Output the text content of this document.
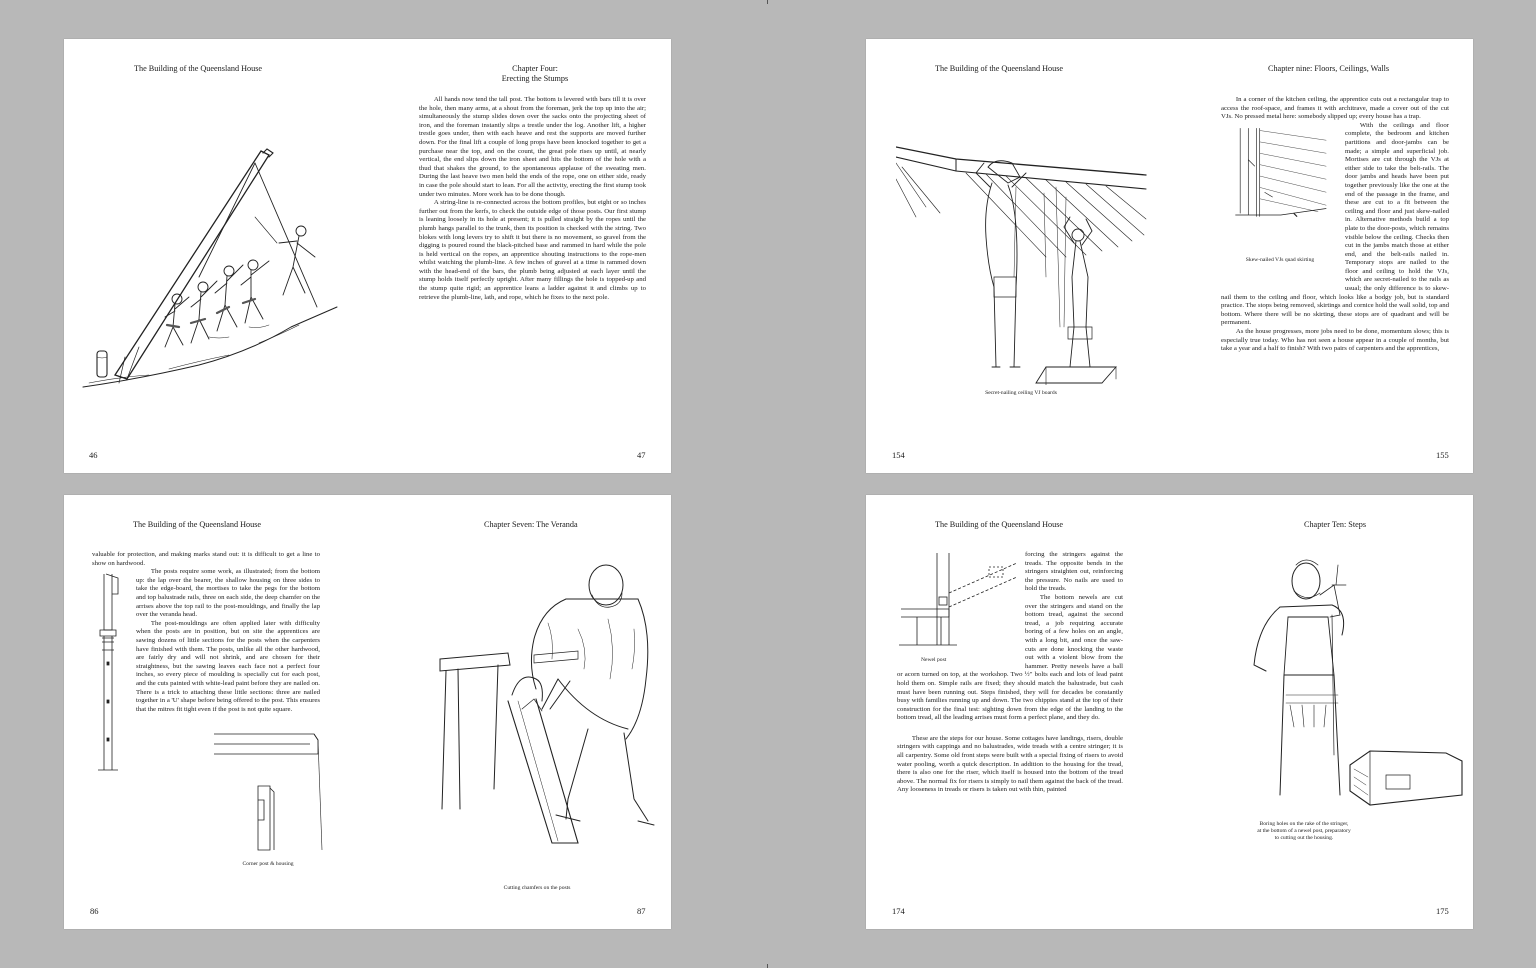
The Building of the Queensland House	Chapter Four:
Erecting the Stumps

All hands now tend the tall post. The bottom is levered with bars till it is over the hole, then many arms, at a shout from the foreman, jerk the top up into the air; simultaneously the stump slides down over the sacks onto the projecting sheet of iron, and the foreman instantly slips a trestle under the log. Another lift, a higher trestle goes under, then with each heave and rest the supports are moved further down. For the final lift a couple of long props have been knocked together to get a purchase near the top, and on the count, the great pole rises up until, at nearly vertical, the end slips down the iron sheet and hits the bottom of the hole with a thud that shakes the ground, to the spontaneous applause of the sweating men. During the last heave two men held the ends of the rope, one on either side, ready in case the pole should start to lean. For all the activity, erecting the first stump took under two minutes. More work has to be done though.

A string-line is re-connected across the bottom profiles, but eight or so inches further out from the kerfs, to check the outside edge of those posts. Our first stump is leaning loosely in its hole at present; it is pulled straight by the ropes until the plumb hangs parallel to the trunk, then its position is checked with the string. Two blokes with long levers try to shift it but there is no movement, so gravel from the digging is poured round the black-pitched base and rammed in hard while the pole is held vertical on the ropes, an apprentice shouting instructions to the rope-men whilst watching the plumb-line. A few inches of gravel at a time is rammed down with the head-end of the bars, the plumb being adjusted at each layer until the stump holds itself perfectly upright. After many fillings the hole is topped-up and the stump quite rigid; an apprentice leans a ladder against it and climbs up to retrieve the plumb-line, lath, and rope, which he fixes to the next pole.

46	47
The Building of the Queensland House	Chapter nine: Floors, Ceilings, Walls
Secret-nailing ceiling VJ boards

In a corner of the kitchen ceiling, the apprentice cuts out a rectangular trap to access the roof-space, and frames it with architrave, made a cover out of the cut VJs. No pressed metal here: somebody slipped up; every house has a trap.

Skew-nailed VJs quad skirting

With the ceilings and floor complete, the bedroom and kitchen partitions and door-jambs can be made; a simple and superficial job. Mortises are cut through the VJs at either side to take the belt-rails. The door jambs and heads have been put together previously like the one at the end of the passage in the frame, and these are cut to a fit between the ceiling and floor and just skew-nailed in. Alternative methods build a top plate to the door-posts, which remains visible below the ceiling. Checks then cut in the jambs match those at either end, and the belt-rails nailed in. Temporary stops are nailed to the floor and ceiling to hold the VJs, which are secret-nailed to the rails as usual; the only difference is to skew-nail them to the ceiling and floor, which looks like a bodgy job, but is standard practice. The stops being removed, skirtings and cornice hold the wall solid, top and bottom. Where there will be no skirting, these stops are of quadrant and will be permanent.

As the house progresses, more jobs need to be done, momentum slows; this is especially true today. Who has not seen a house appear in a couple of months, but take a year and a half to finish? With two pairs of carpenters and the apprentices,

154	155
The Building of the Queensland House	Chapter Seven: The Veranda

valuable for protection, and making marks stand out: it is difficult to get a line to show on hardwood.

The posts require some work, as illustrated; from the bottom up: the lap over the bearer, the shallow housing on three sides to take the edge-board, the mortises to take the pegs for the bottom and top balustrade rails, three on each side, the deep chamfer on the arrises above the top rail to the post-mouldings, and finally the lap over the veranda head.

The post-mouldings are often applied later with difficulty when the posts are in position, but on site the apprentices are sawing dozens of little sections for the posts when the carpenters have finished with them. The posts, unlike all the other hardwood, are fairly dry and will not shrink, and are chosen for their straightness, but the sawing leaves each face not a perfect four inches, so every piece of moulding is specially cut for each post, and the cuts painted with white-lead paint before they are nailed on. There is a trick to attaching these little sections: three are nailed together in a 'U' shape before being offered to the post. This ensures that the mitres fit tight even if the post is not quite square.

Corner post & housing
Cutting chamfers on the posts
86	87
The Building of the Queensland House	Chapter Ten: Steps
Newel post

forcing the stringers against the treads. The opposite bends in the stringers straighten out, reinforcing the pressure. No nails are used to hold the treads.

The bottom newels are cut over the stringers and stand on the bottom tread, against the second tread, a job requiring accurate boring of a few holes on an angle, with a long bit, and once the saw-cuts are done knocking the waste out with a violent blow from the hammer. Pretty newels have a ball or acorn turned on top, at the workshop. Two ½" bolts each and lots of lead paint hold them on. Simple rails are fixed; they should match the balustrade, but cash must have been running out. Steps finished, they will for decades be constantly busy with families running up and down. The two chippies stand at the top of their construction for the final test: sighting down from the edge of the landing to the bottom tread, all the leading arrises must form a perfect plane, and they do.

These are the steps for our house. Some cottages have landings, risers, double stringers with cappings and no balustrades, wide treads with a centre stringer; it is all carpentry. Some old front steps were built with a special fixing of risers to avoid water pooling, worth a quick description. In addition to the housing for the tread, there is also one for the riser, which itself is housed into the bottom of the tread above. The normal fix for risers is simply to nail them against the back of the tread. Any looseness in treads or risers is taken out with thin, painted

Boring holes on the rake of the stringer,
at the bottom of a newel post, preparatory
to cutting out the housing.
174	175
